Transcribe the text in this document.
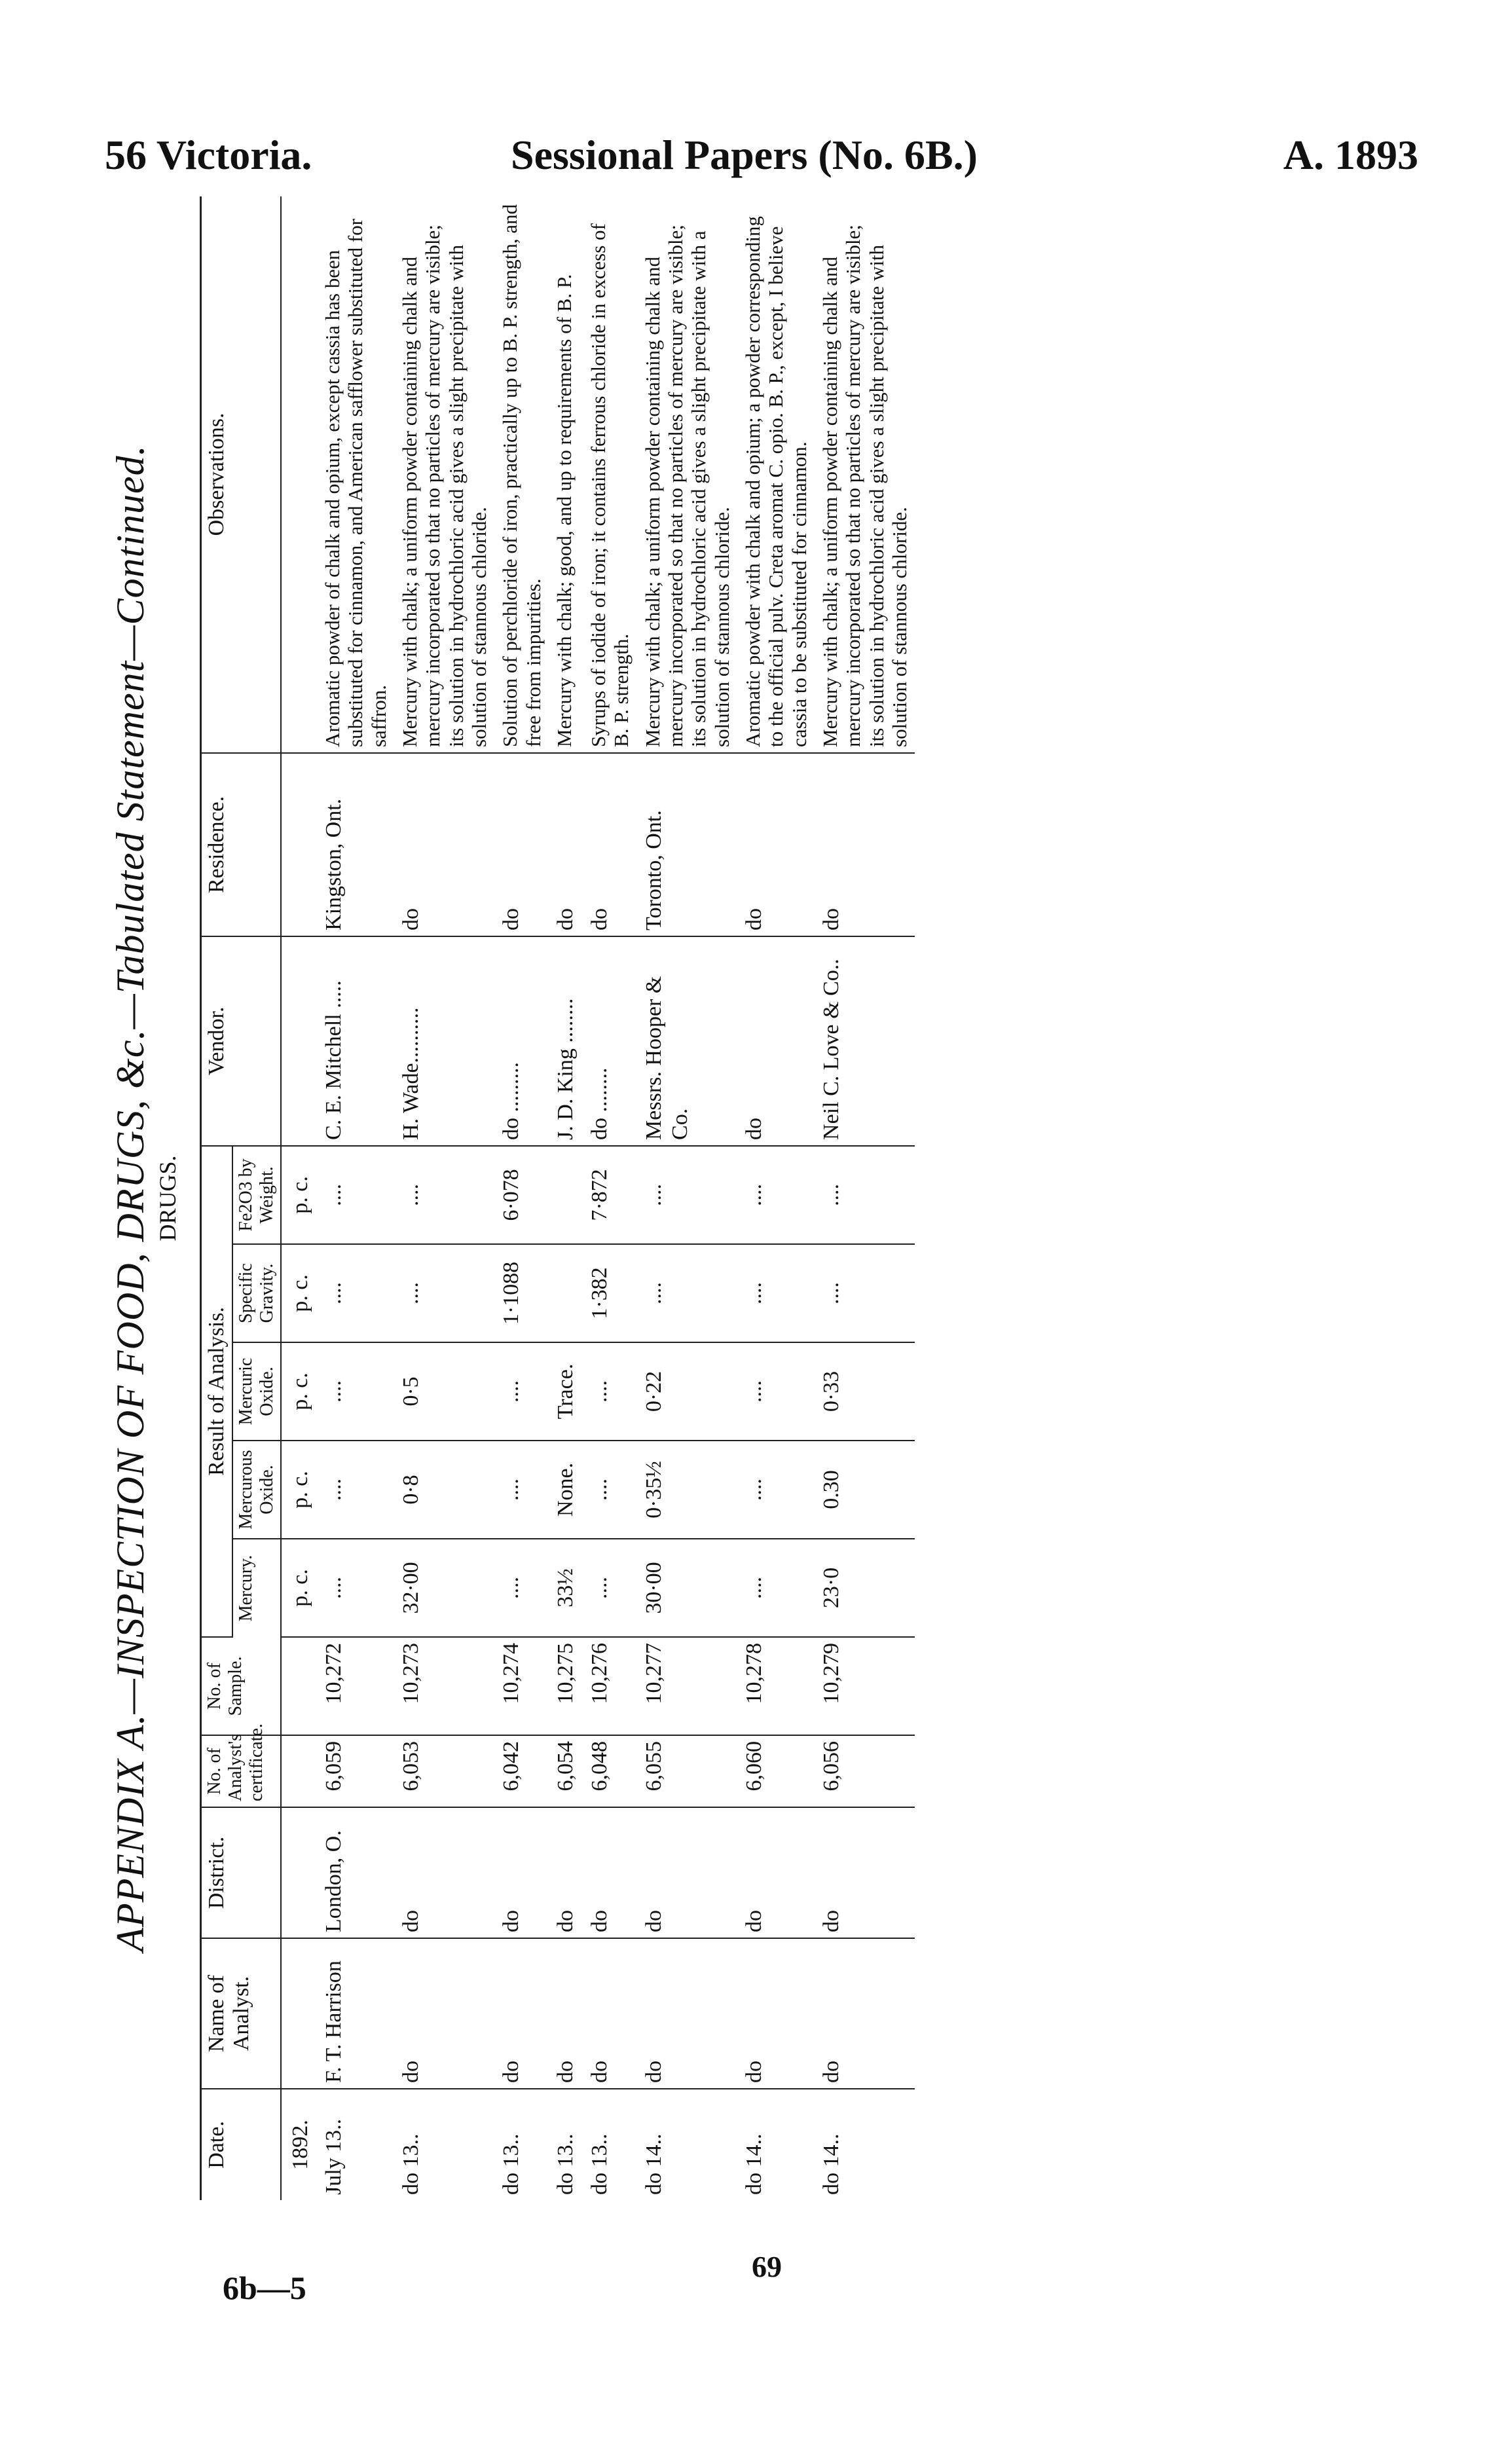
56 Victoria.	Sessional Papers (No. 6B.)	A. 1893
APPENDIX A.—INSPECTION OF FOOD, DRUGS, &c.—Tabulated Statement—Continued. DRUGS.
Date.	Name of Analyst.	District.	No. of Analyst's certificate.	No. of Sample.	Result of Analysis.					Vendor.	Residence.	Observations.
					Mercury.	Mercurous Oxide.	Mercuric Oxide.	Specific Gravity.	Fe2O3 by Weight.			
1892.					p. c.	p. c.	p. c.	p. c.	p. c.			
July 13..	F. T. Harrison	London, O.	6,059	10,272	....	....	....	....	....	C. E. Mitchell .....	Kingston, Ont.	Aromatic powder of chalk and opium, except cassia has been substituted for cinnamon, and American safflower substituted for saffron.
do 13..	do	do	6,053	10,273	32·00	0·8	0·5	....	....	H. Wade..........	do	Mercury with chalk; a uniform powder containing chalk and mercury incorporated so that no particles of mercury are visible; its solution in hydrochloric acid gives a slight precipitate with solution of stannous chloride.
do 13..	do	do	6,042	10,274	....	....	....	1·1088	6·078	do .........	do	Solution of perchloride of iron, practically up to B. P. strength, and free from impurities.
do 13..	do	do	6,054	10,275	33½	None.	Trace.			J. D. King ........	do	Mercury with chalk; good, and up to requirements of B. P.
do 13..	do	do	6,048	10,276	....	....	....	1·382	7·872	do ........	do	Syrups of iodide of iron; it contains ferrous chloride in excess of B. P. strength.
do 14..	do	do	6,055	10,277	30·00	0·35½	0·22	....	....	Messrs. Hooper & Co.	Toronto, Ont.	Mercury with chalk; a uniform powder containing chalk and mercury incorporated so that no particles of mercury are visible; its solution in hydrochloric acid gives a slight precipitate with a solution of stannous chloride.
do 14..	do	do	6,060	10,278	....	....	....	....	....	do	do	Aromatic powder with chalk and opium; a powder corresponding to the official pulv. Creta aromat C. opio. B. P., except, I believe cassia to be substituted for cinnamon.
do 14..	do	do	6,056	10,279	23·0	0.30	0·33	....	....	Neil C. Love & Co..	do	Mercury with chalk; a uniform powder containing chalk and mercury incorporated so that no particles of mercury are visible; its solution in hydrochloric acid gives a slight precipitate with solution of stannous chloride.
69
6b—5
